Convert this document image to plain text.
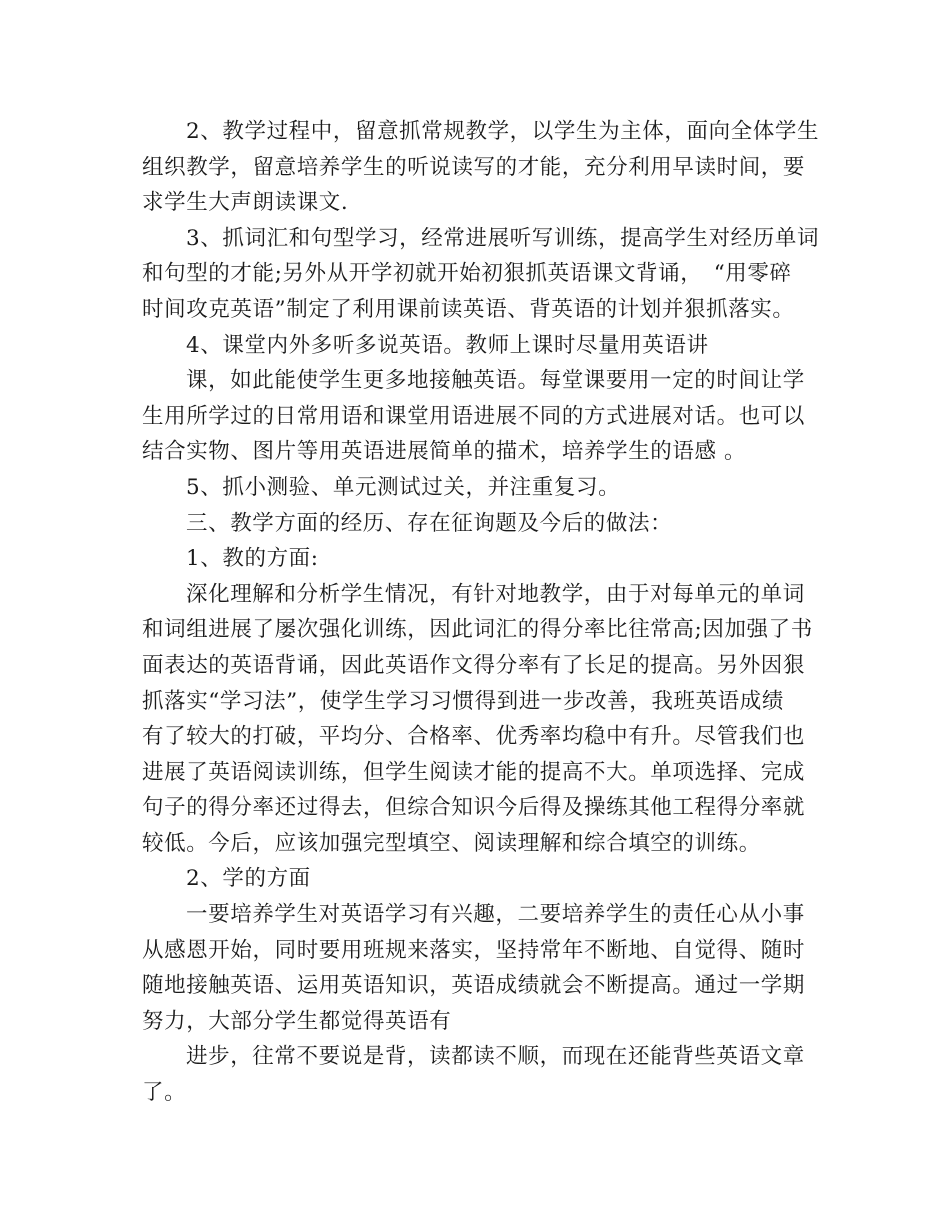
2、教学过程中，留意抓常规教学，以学生为主体，面向全体学生
组织教学，留意培养学生的听说读写的才能，充分利用早读时间，要
求学生大声朗读课文.
3、抓词汇和句型学习，经常进展听写训练，提高学生对经历单词
和句型的才能;另外从开学初就开始初狠抓英语课文背诵，　“用零碎
时间攻克英语”制定了利用课前读英语、背英语的计划并狠抓落实。
4、课堂内外多听多说英语。教师上课时尽量用英语讲
课，如此能使学生更多地接触英语。每堂课要用一定的时间让学
生用所学过的日常用语和课堂用语进展不同的方式进展对话。也可以
结合实物、图片等用英语进展简单的描术，培养学生的语感 。
5、抓小测验、单元测试过关，并注重复习。
三、教学方面的经历、存在征询题及今后的做法：
1、教的方面:
深化理解和分析学生情况，有针对地教学，由于对每单元的单词
和词组进展了屡次强化训练，因此词汇的得分率比往常高;因加强了书
面表达的英语背诵，因此英语作文得分率有了长足的提高。另外因狠
抓落实“学习法”，使学生学习习惯得到进一步改善，我班英语成绩
有了较大的打破，平均分、合格率、优秀率均稳中有升。尽管我们也
进展了英语阅读训练，但学生阅读才能的提高不大。单项选择、完成
句子的得分率还过得去，但综合知识今后得及操练其他工程得分率就
较低。今后，应该加强完型填空、阅读理解和综合填空的训练。
2、学的方面
一要培养学生对英语学习有兴趣，二要培养学生的责任心从小事
从感恩开始，同时要用班规来落实，坚持常年不断地、自觉得、随时
随地接触英语、运用英语知识，英语成绩就会不断提高。通过一学期
努力，大部分学生都觉得英语有
进步，往常不要说是背，读都读不顺，而现在还能背些英语文章
了。
